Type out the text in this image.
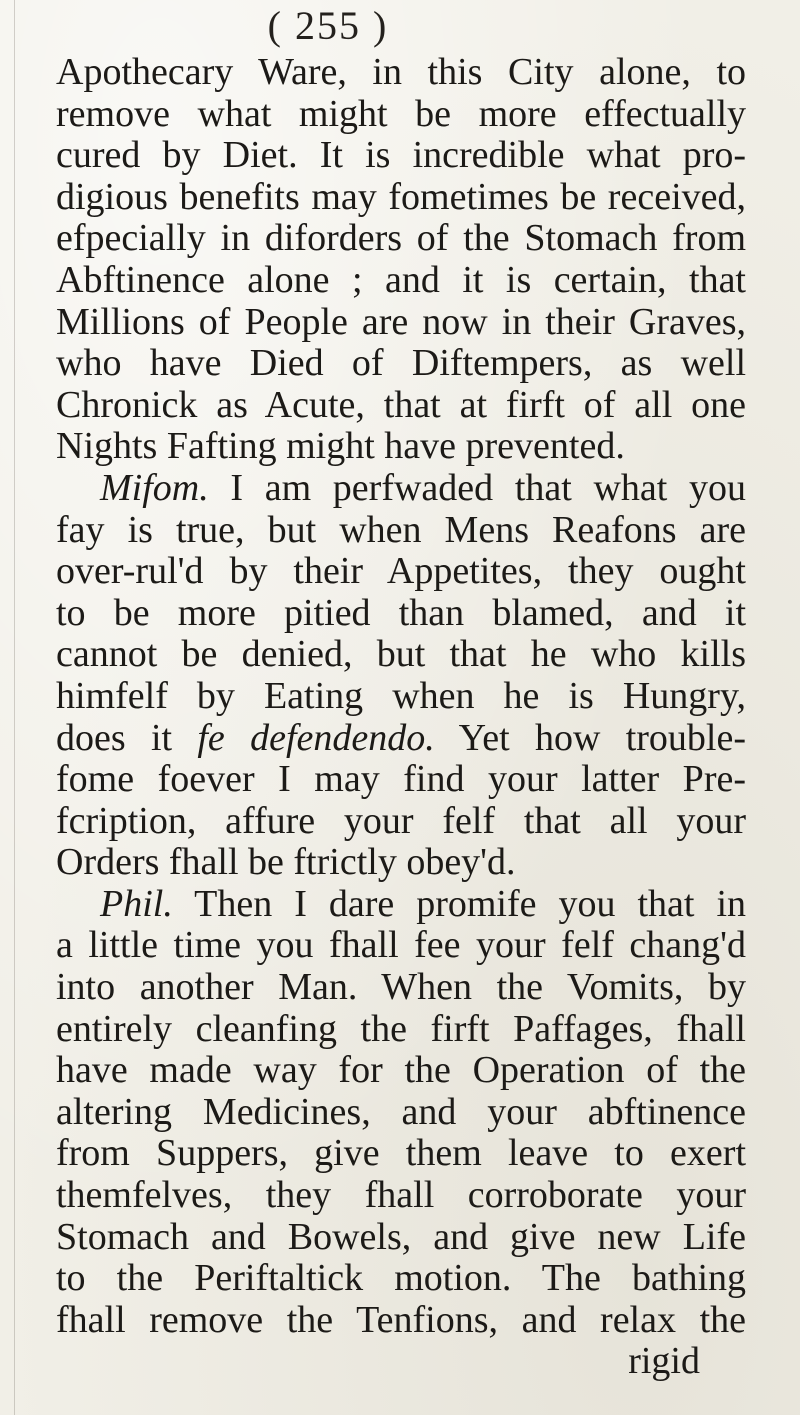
( 255 )
Apothecary Ware, in this City alone, to
remove what might be more effectually
cured by Diet. It is incredible what pro-
digious benefits may fometimes be received,
efpecially in diforders of the Stomach from
Abftinence alone ; and it is certain, that
Millions of People are now in their Graves,
who have Died of Diftempers, as well
Chronick as Acute, that at firft of all one
Nights Fafting might have prevented.
Mifom. I am perfwaded that what you
fay is true, but when Mens Reafons are
over-rul'd by their Appetites, they ought
to be more pitied than blamed, and it
cannot be denied, but that he who kills
himfelf by Eating when he is Hungry,
does it fe defendendo. Yet how trouble-
fome foever I may find your latter Pre-
fcription, affure your felf that all your
Orders fhall be ftrictly obey'd.
Phil. Then I dare promife you that in
a little time you fhall fee your felf chang'd
into another Man. When the Vomits, by
entirely cleanfing the firft Paffages, fhall
have made way for the Operation of the
altering Medicines, and your abftinence
from Suppers, give them leave to exert
themfelves, they fhall corroborate your
Stomach and Bowels, and give new Life
to the Periftaltick motion. The bathing
fhall remove the Tenfions, and relax the
rigid
